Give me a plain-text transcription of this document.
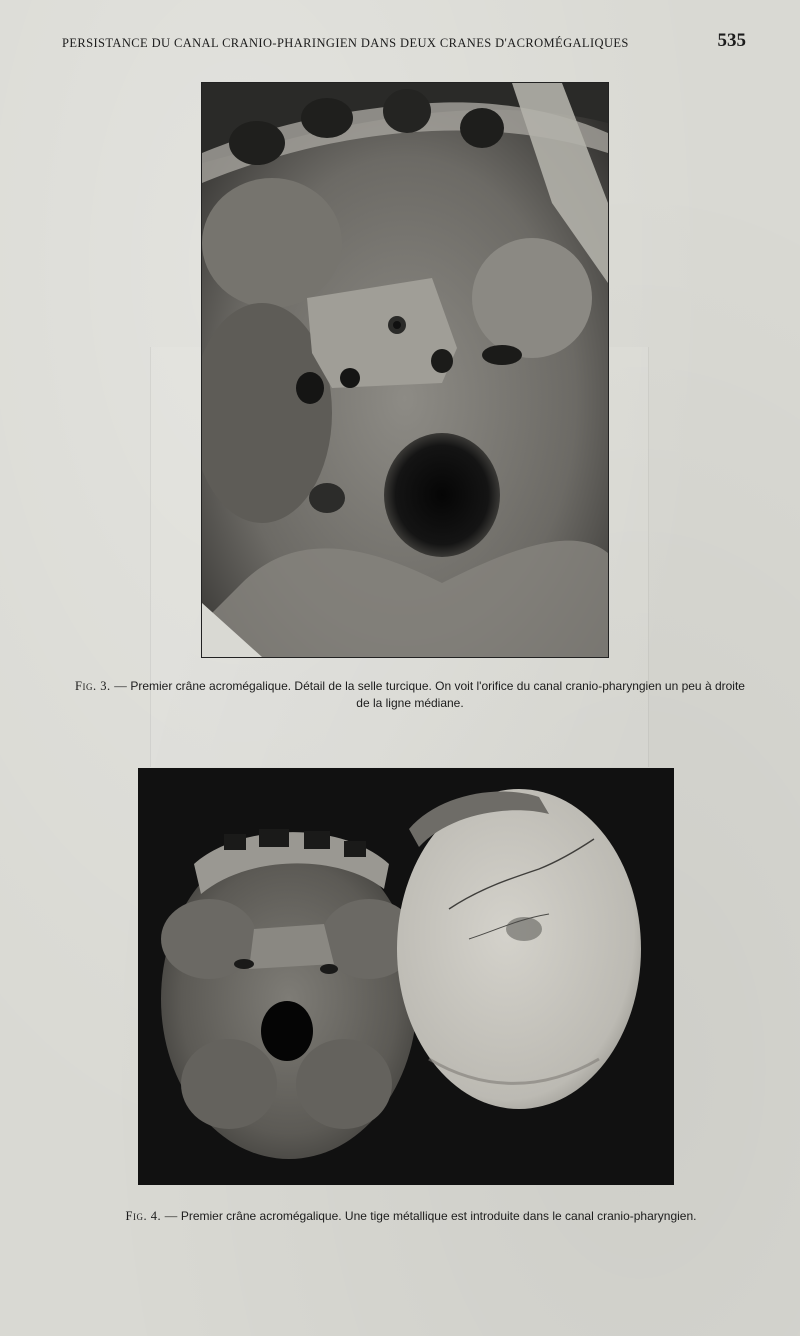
PERSISTANCE DU CANAL CRANIO-PHARINGIEN DANS DEUX CRANES D'ACROMÉGALIQUES	535
Fig. 3. — Premier crâne acromégalique. Détail de la selle turcique. On voit l'orifice du canal cranio-pharyngien un peu à droite de la ligne médiane.
Fig. 4. — Premier crâne acromégalique. Une tige métallique est introduite dans le canal cranio-pharyngien.
